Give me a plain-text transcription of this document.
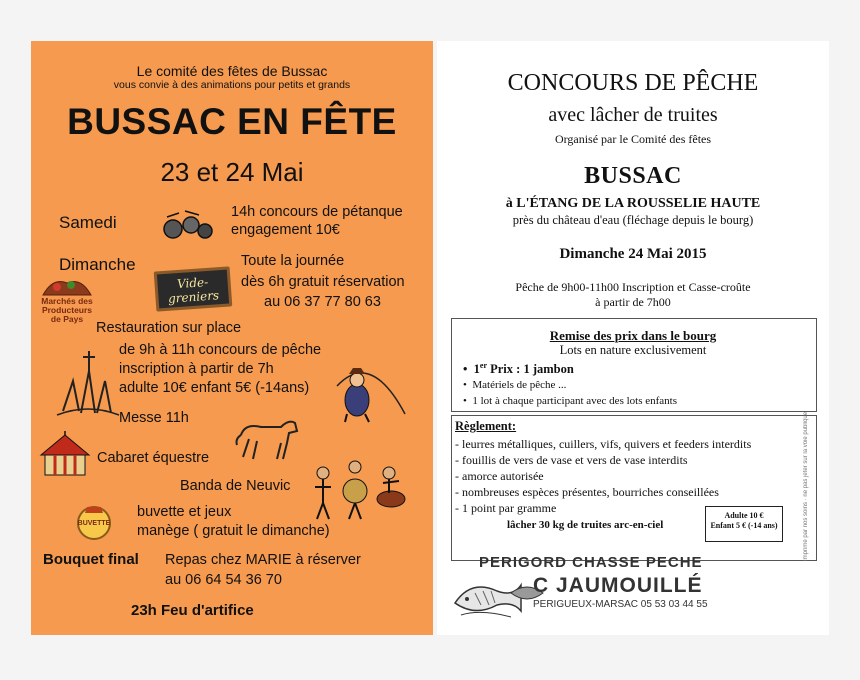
Le comité des fêtes de Bussac
vous convie à des animations pour petits et grands
BUSSAC EN FÊTE
23 et 24 Mai
Samedi
14h concours de pétanque
engagement 10€
Dimanche	Toute la journée
dès 6h gratuit réservation
au 06 37 77 80 63
Marchés des
Producteurs
de Pays
Vide-
greniers
Restauration sur place
de 9h à 11h concours de pêche
inscription à partir de 7h
adulte 10€ enfant 5€ (-14ans)
Messe 11h
Cabaret équestre
Banda de Neuvic
BUVETTE
buvette et jeux
manège ( gratuit le dimanche)
Bouquet final Repas chez MARIE à réserver
au 06 64 54 36 70
23h Feu d'artifice
CONCOURS DE PÊCHE
avec lâcher de truites
Organisé par le Comité des fêtes
BUSSAC
à L'ÉTANG DE LA ROUSSELIE HAUTE
près du château d'eau (fléchage depuis le bourg)
Dimanche 24 Mai 2015
Pêche de 9h00-11h00 Inscription et Casse-croûte
à partir de 7h00
Remise des prix dans le bourg
Lots en nature exclusivement
•  1er Prix : 1 jambon
•  Matériels de pêche ...
•  1 lot à chaque participant avec des lots enfants
Règlement:
- leurres métalliques, cuillers, vifs, quivers et feeders interdits
- fouillis de vers de vase et vers de vase interdits
- amorce autorisée
- nombreuses espèces présentes, bourriches conseillées
- 1 point par gramme
lâcher 30 kg de truites arc-en-ciel
Adulte 10 €
Enfant 5 € (-14 ans)	Imprimé par nos soins · ne pas jeter sur la voie publique
PERIGORD CHASSE PECHE
C JAUMOUILLÉ
PERIGUEUX-MARSAC 05 53 03 44 55
